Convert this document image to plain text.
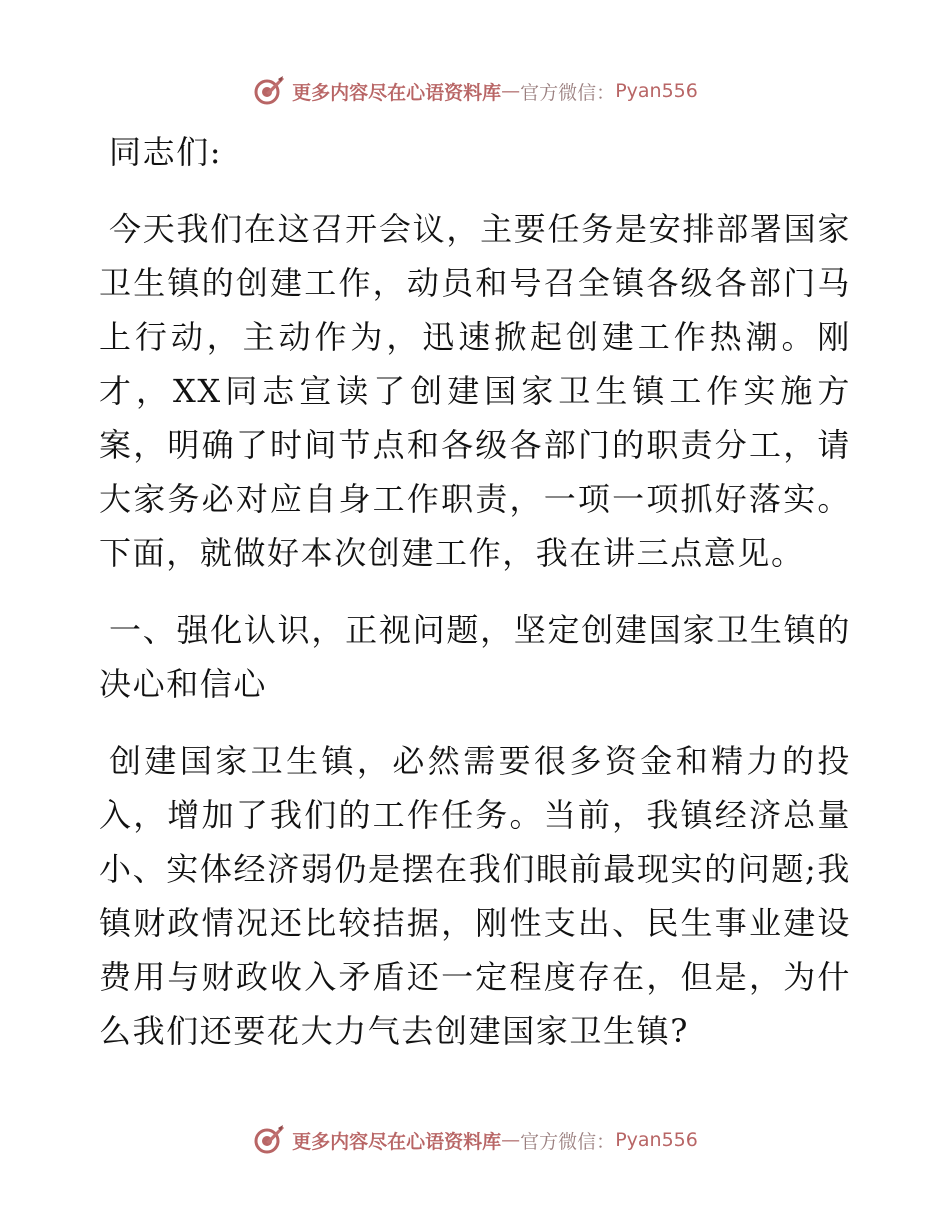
更多内容尽在心语资料库 — 官方微信： Pyan556

同志们:

今天我们在这召开会议，主要任务是安排部署国家卫生镇的创建工作，动员和号召全镇各级各部门马上行动，主动作为，迅速掀起创建工作热潮。刚才，XX同志宣读了创建国家卫生镇工作实施方案，明确了时间节点和各级各部门的职责分工，请大家务必对应自身工作职责，一项一项抓好落实。下面，就做好本次创建工作，我在讲三点意见。

一、强化认识，正视问题，坚定创建国家卫生镇的决心和信心

创建国家卫生镇，必然需要很多资金和精力的投入，增加了我们的工作任务。当前，我镇经济总量小、实体经济弱仍是摆在我们眼前最现实的问题;我镇财政情况还比较拮据，刚性支出、民生事业建设费用与财政收入矛盾还一定程度存在，但是，为什么我们还要花大力气去创建国家卫生镇?

更多内容尽在心语资料库 — 官方微信： Pyan556
